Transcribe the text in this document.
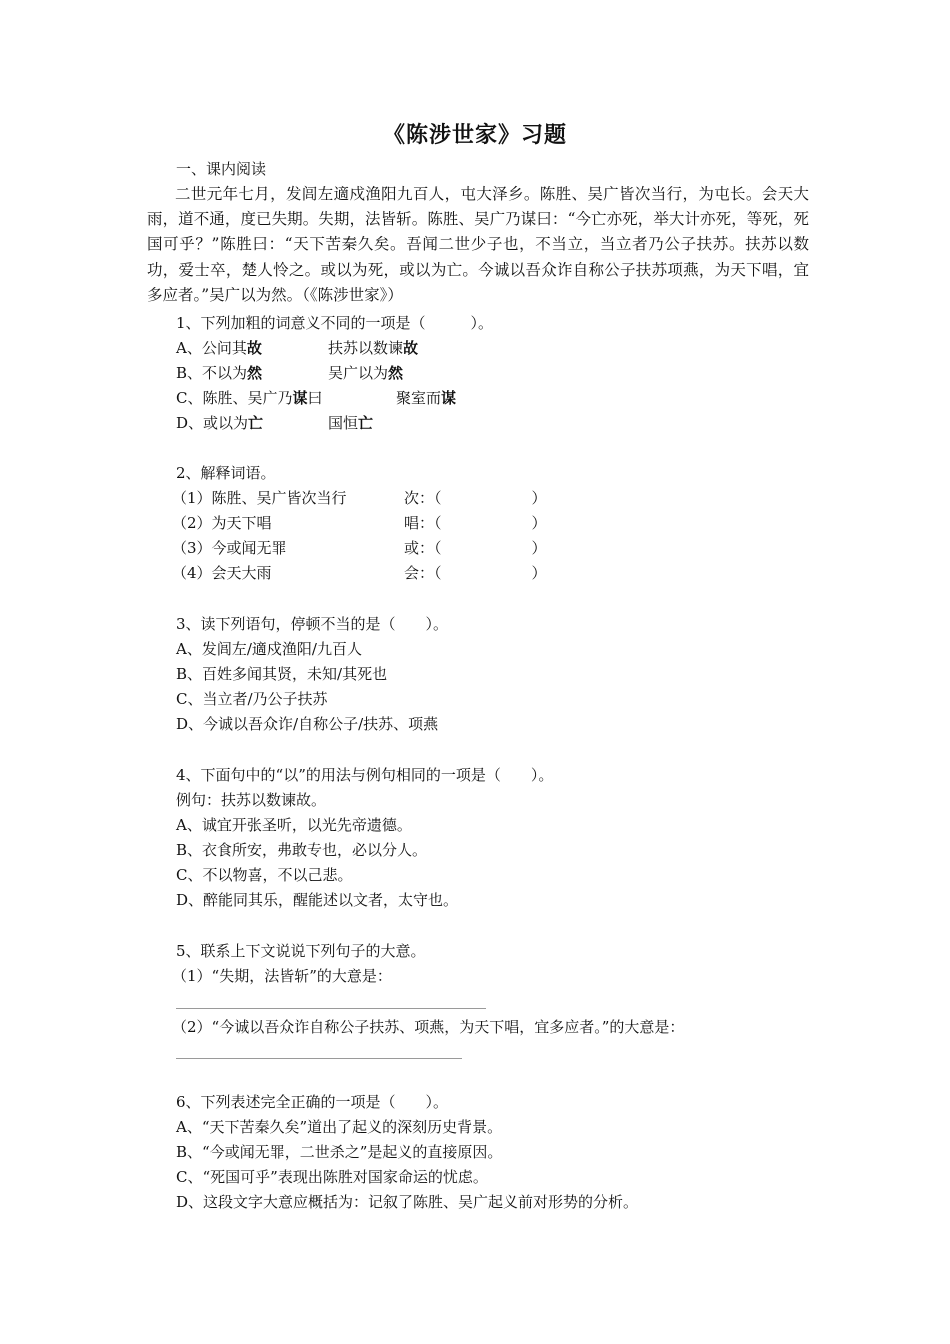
《陈涉世家》习题
一、课内阅读
二世元年七月，发闾左適戍渔阳九百人，屯大泽乡。陈胜、吴广皆次当行，为屯长。会天大雨，道不通，度已失期。失期，法皆斩。陈胜、吴广乃谋曰：“今亡亦死，举大计亦死，等死，死国可乎？”陈胜曰：“天下苦秦久矣。吾闻二世少子也，不当立，当立者乃公子扶苏。扶苏以数功，爱士卒，楚人怜之。或以为死，或以为亡。今诚以吾众诈自称公子扶苏项燕，为天下唱，宜多应者。”吴广以为然。（《陈涉世家》）
1、下列加粗的词意义不同的一项是（　　　）。
A、公问其故	扶苏以数谏故
B、不以为然	吴广以为然
C、陈胜、吴广乃谋曰	聚室而谋
D、或以为亡	国恒亡
2、解释词语。
（1）陈胜、吴广皆次当行	次：（　　　　　　）
（2）为天下唱	唱：（　　　　　　）
（3）今或闻无罪	或：（　　　　　　）
（4）会天大雨	会：（　　　　　　）
3、读下列语句，停顿不当的是（　　）。
A、发闾左/適戍渔阳/九百人
B、百姓多闻其贤，未知/其死也
C、当立者/乃公子扶苏
D、今诚以吾众诈/自称公子/扶苏、项燕
4、下面句中的“以”的用法与例句相同的一项是（　　）。
例句：扶苏以数谏故。
A、诚宜开张圣听，以光先帝遗德。
B、衣食所安，弗敢专也，必以分人。
C、不以物喜，不以己悲。
D、醉能同其乐，醒能述以文者，太守也。
5、联系上下文说说下列句子的大意。
（1）“失期，法皆斩”的大意是：
（2）“今诚以吾众诈自称公子扶苏、项燕，为天下唱，宜多应者。”的大意是：
6、下列表述完全正确的一项是（　　）。
A、“天下苦秦久矣”道出了起义的深刻历史背景。
B、“今或闻无罪，二世杀之”是起义的直接原因。
C、“死国可乎”表现出陈胜对国家命运的忧虑。
D、这段文字大意应概括为：记叙了陈胜、吴广起义前对形势的分析。
